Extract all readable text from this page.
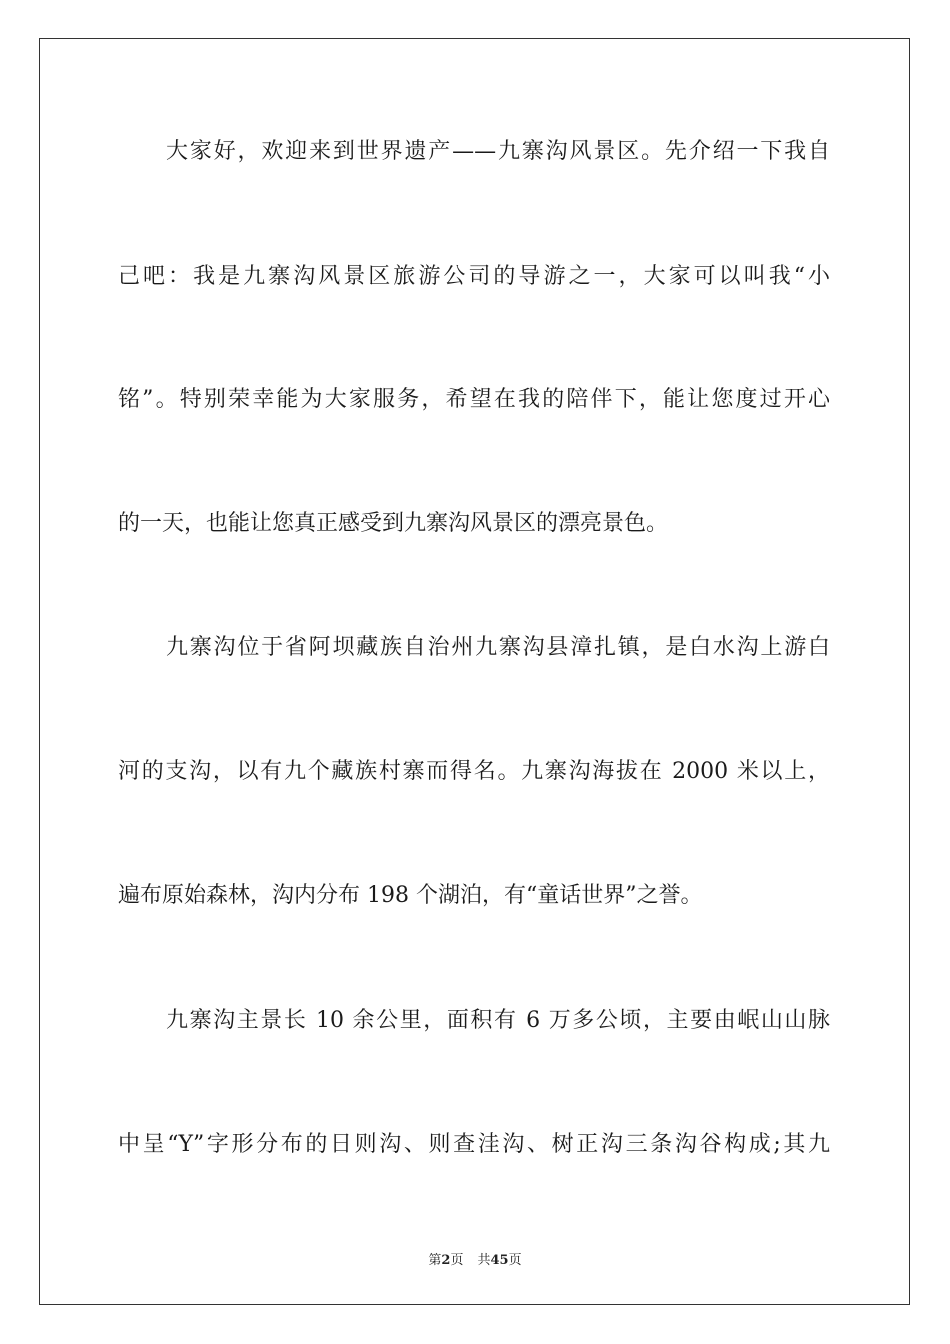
大家好，欢迎来到世界遗产——九寨沟风景区。先介绍一下我自
己吧：我是九寨沟风景区旅游公司的导游之一，大家可以叫我“小
铭”。特别荣幸能为大家服务，希望在我的陪伴下，能让您度过开心
的一天，也能让您真正感受到九寨沟风景区的漂亮景色。
九寨沟位于省阿坝藏族自治州九寨沟县漳扎镇，是白水沟上游白
河的支沟，以有九个藏族村寨而得名。九寨沟海拔在 2000 米以上，
遍布原始森林，沟内分布 198 个湖泊，有“童话世界”之誉。
九寨沟主景长 10 余公里，面积有 6 万多公顷，主要由岷山山脉
中呈“Y”字形分布的日则沟、则查洼沟、树正沟三条沟谷构成;其九
第2页 共45页
